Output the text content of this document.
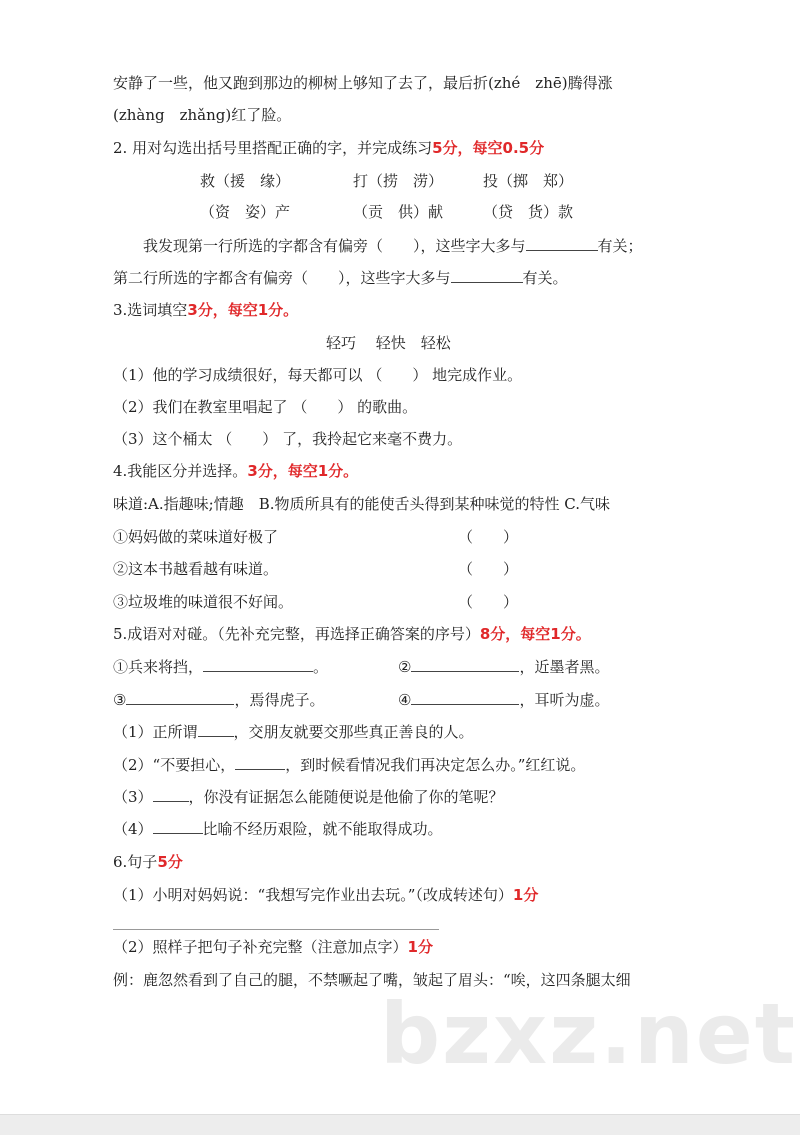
安静了一些，他又跑到那边的柳树上够知了去了，最后折(zhé　zhē)腾得涨
(zhàng　zhǎng)红了脸。
2. 用对勾选出括号里搭配正确的字，并完成练习5分，每空0.5分
救（援　缘）	打（捞　涝）	投（掷　郑）
（资　姿）产	（贡　供）献	（贷　货）款
我发现第一行所选的字都含有偏旁（　　），这些字大多与	有关；
第二行所选的字都含有偏旁（　　），这些字大多与	有关。
3.选词填空3分，每空1分。
轻巧　 轻快　轻松
（1）他的学习成绩很好，每天都可以 （　　） 地完成作业。
（2）我们在教室里唱起了 （　　） 的歌曲。
（3）这个桶太 （　　） 了，我拎起它来毫不费力。
4.我能区分并选择。3分，每空1分。
味道:A.指趣味;情趣　B.物质所具有的能使舌头得到某种味觉的特性 C.气味
①妈妈做的菜味道好极了	（　　）
②这本书越看越有味道。	（　　）
③垃圾堆的味道很不好闻。	（　　）
5.成语对对碰。（先补充完整，再选择正确答案的序号）8分，每空1分。
①兵来将挡，	。	②	，近墨者黑。
③	，焉得虎子。	④	，耳听为虚。
（1）正所谓 ，交朋友就要交那些真正善良的人。
（2）“不要担心，	，到时候看情况我们再决定怎么办。”红红说。
（3） ，你没有证据怎么能随便说是他偷了你的笔呢？
（4）	比喻不经历艰险，就不能取得成功。
6.句子5分
（1）小明对妈妈说：“我想写完作业出去玩。”（改成转述句）1分
（2）照样子把句子补充完整（注意加点字）1分
例：鹿忽然看到了自己的腿，不禁噘起了嘴，皱起了眉头：“唉，这四条腿太细
bzxz.net
